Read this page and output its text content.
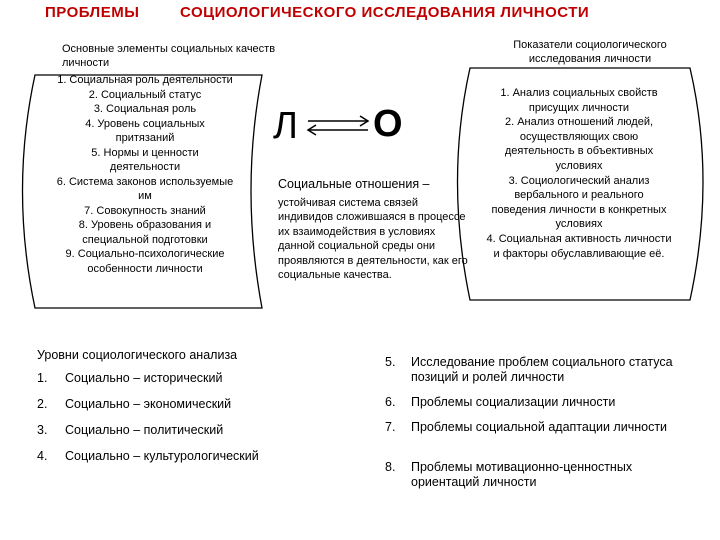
ПРОБЛЕМЫ	СОЦИОЛОГИЧЕСКОГО ИССЛЕДОВАНИЯ ЛИЧНОСТИ
Основные элементы социальных качеств личности
Показатели социологического исследования личности
1. Социальная роль деятельности
2. Социальный статус
3. Социальная роль
4. Уровень социальных притязаний
5. Нормы и ценности деятельности
6. Система законов используемые им
7. Совокупность знаний
8. Уровень образования и специальной подготовки
9. Социально-психологические особенности личности
Л О
Социальные отношения –
устойчивая система связей индивидов сложившаяся в процессе их взаимодействия в условиях данной социальной среды они проявляются в деятельности, как его социальные качества.
1. Анализ социальных свойств присущих личности
2. Анализ отношений людей, осуществляющих свою деятельность в объективных условиях
3. Социологический анализ вербального и реального поведения личности в конкретных условиях
4. Социальная активность личности и факторы обуславливающие её.
Уровни социологического анализа
1.	Социально – исторический
2.	Социально – экономический
3.	Социально – политический
4.	Социально – культурологический
5.	Исследование проблем социального статуса позиций и ролей личности
6.	Проблемы социализации личности
7.	Проблемы социальной адаптации личности
8.	Проблемы мотивационно-ценностных ориентаций личности
